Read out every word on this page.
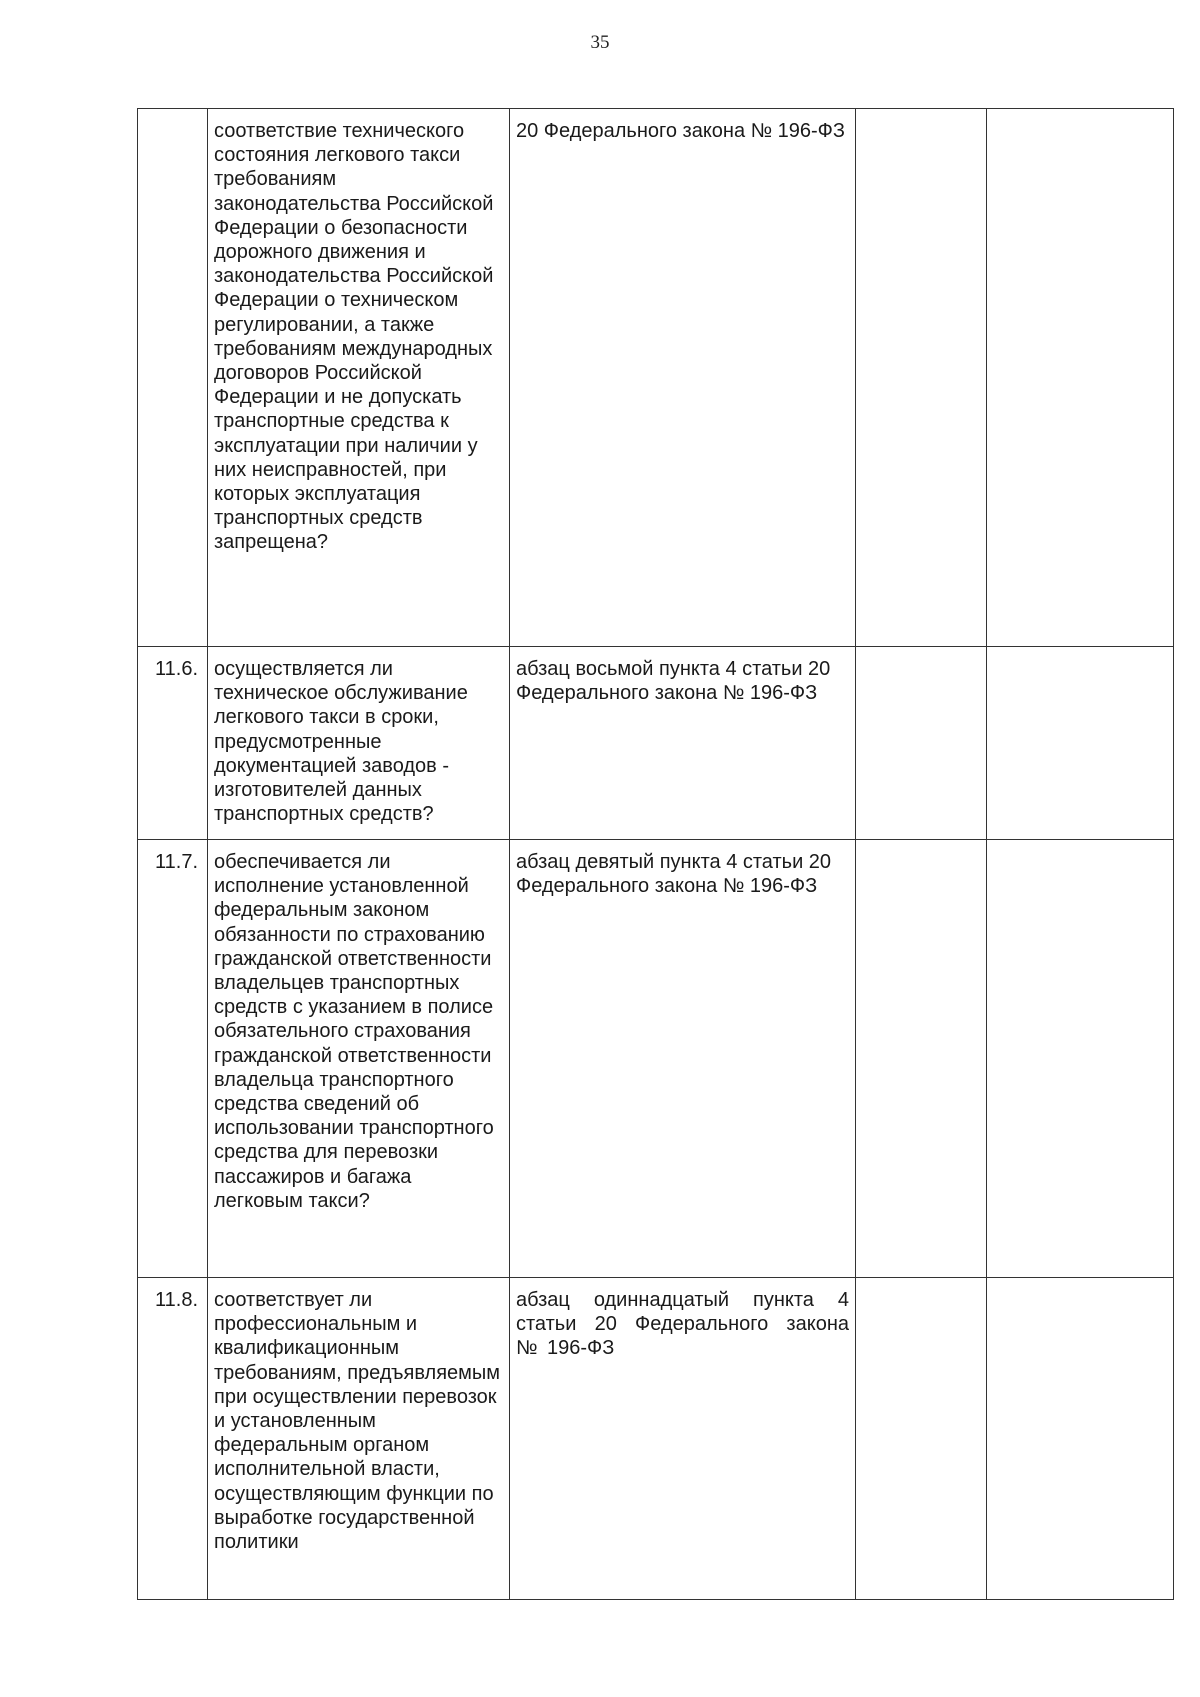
35
	соответствие технического состояния легкового такси требованиям законодательства Российской Федерации о безопасности дорожного движения и законодательства Российской Федерации о техническом регулировании, а также требованиям международных договоров Российской Федерации и не допускать транспортные средства к эксплуатации при наличии у них неисправностей, при которых эксплуатация транспортных средств запрещена?	20 Федерального закона № 196-ФЗ		
11.6.	осуществляется ли техническое обслуживание легкового такси в сроки, предусмотренные документацией заводов - изготовителей данных транспортных средств?	абзац восьмой пункта 4 статьи 20 Федерального закона № 196-ФЗ		
11.7.	обеспечивается ли исполнение установленной федеральным законом обязанности по страхованию гражданской ответственности владельцев транспортных средств с указанием в полисе обязательного страхования гражданской ответственности владельца транспортного средства сведений об использовании транспортного средства для перевозки пассажиров и багажа легковым такси?	абзац девятый пункта 4 статьи 20 Федерального закона № 196-ФЗ		
11.8.	соответствует ли профессиональным и квалификационным требованиям, предъявляемым при осуществлении перевозок и установленным федеральным органом исполнительной власти, осуществляющим функции по выработке государственной политики	абзац одиннадцатый пункта 4 статьи 20 Федерального закона № 196-ФЗ		
